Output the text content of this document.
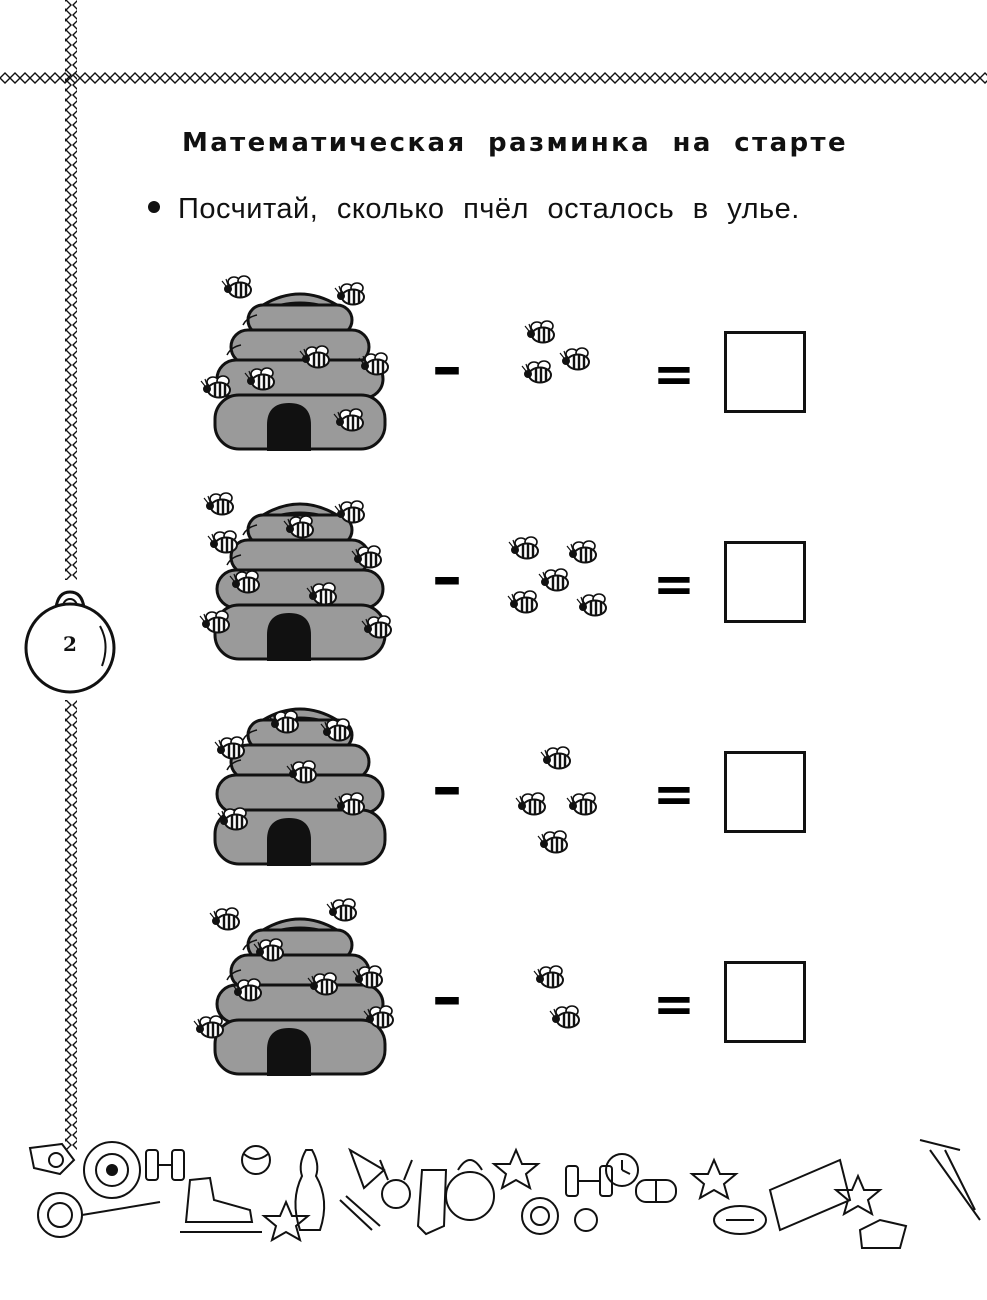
Математическая разминка на старте
Посчитай, сколько пчёл осталось в улье.
2
–	=
–	=
–	=
–	=
